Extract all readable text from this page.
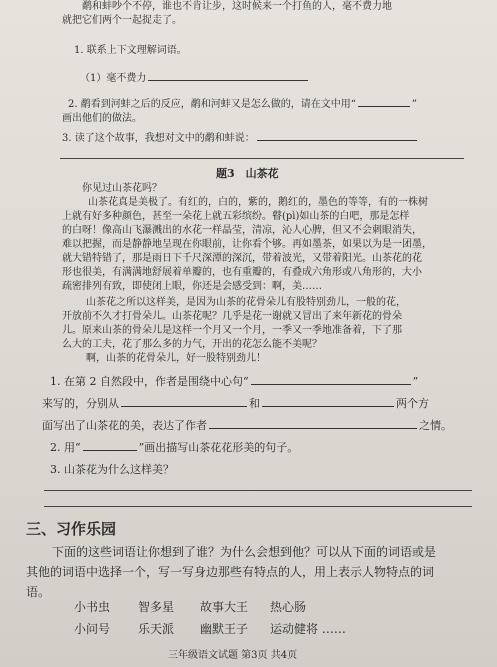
鹬和蚌吵个不停，谁也不肯让步，这时候来一个打鱼的人，毫不费力地
就把它们两个一起捉走了。
1. 联系上下文理解词语。
（1）毫不费力
2. 鹬看到河蚌之后的反应，鹬和河蚌又是怎么做的，请在文中用“	”
画出他们的做法。
3. 读了这个故事，我想对文中的鹬和蚌说：
题3　山茶花
你见过山茶花吗？
山茶花真是美极了。有红的，白的，紫的，鹅红的，墨色的等等，有的一株树
上就有好多种颜色，甚至一朵花上就五彩缤纷。瞽(pì)如山茶的白吧，那是怎样
的白呀！像高山飞瀑溅出的水花一样晶莹，清凉，沁人心脾，但又不会刺眼消失，
难以把握，而是静静地呈现在你眼前，让你看个够。再如墨茶，如果以为是一团墨，
就大错特错了，那是雨日下千尺深潭的深沉，带着波光，又带着阳光。山茶花的花
形也很美，有满满地舒展着单瓣的，也有重瓣的，有叠成六角形或八角形的，大小
疏密排列有致，即使闭上眼，你还是会感受到：啊，美……
山茶花之所以这样美，是因为山茶的花骨朵儿有股特别劲儿，一般的花，
开放前不久才打骨朵儿。山茶花呢？几乎是花一谢就又冒出了来年新花的骨朵
儿。原来山茶的骨朵儿是这样一个月又一个月，一季又一季地准备着，下了那
么大的工夫，花了那么多的力气，开出的花怎么能不美呢？
啊，山茶的花骨朵儿，好一股特别劲儿！
1. 在第 2 自然段中，作者是围绕中心句“	”
来写的，分别从	和	两个方
面写出了山茶花的美，表达了作者	之情。
2. 用“	”画出描写山茶花花形美的句子。
3. 山茶花为什么这样美？
三、习作乐园
下面的这些词语让你想到了谁？为什么会想到他？可以从下面的词语或是
其他的词语中选择一个，写一写身边那些有特点的人，用上表示人物特点的词
语。
小书虫 智多星 故事大王 热心肠
小问号 乐天派 幽默王子 运动健将 ……
三年级语文试题 第3页 共4页
